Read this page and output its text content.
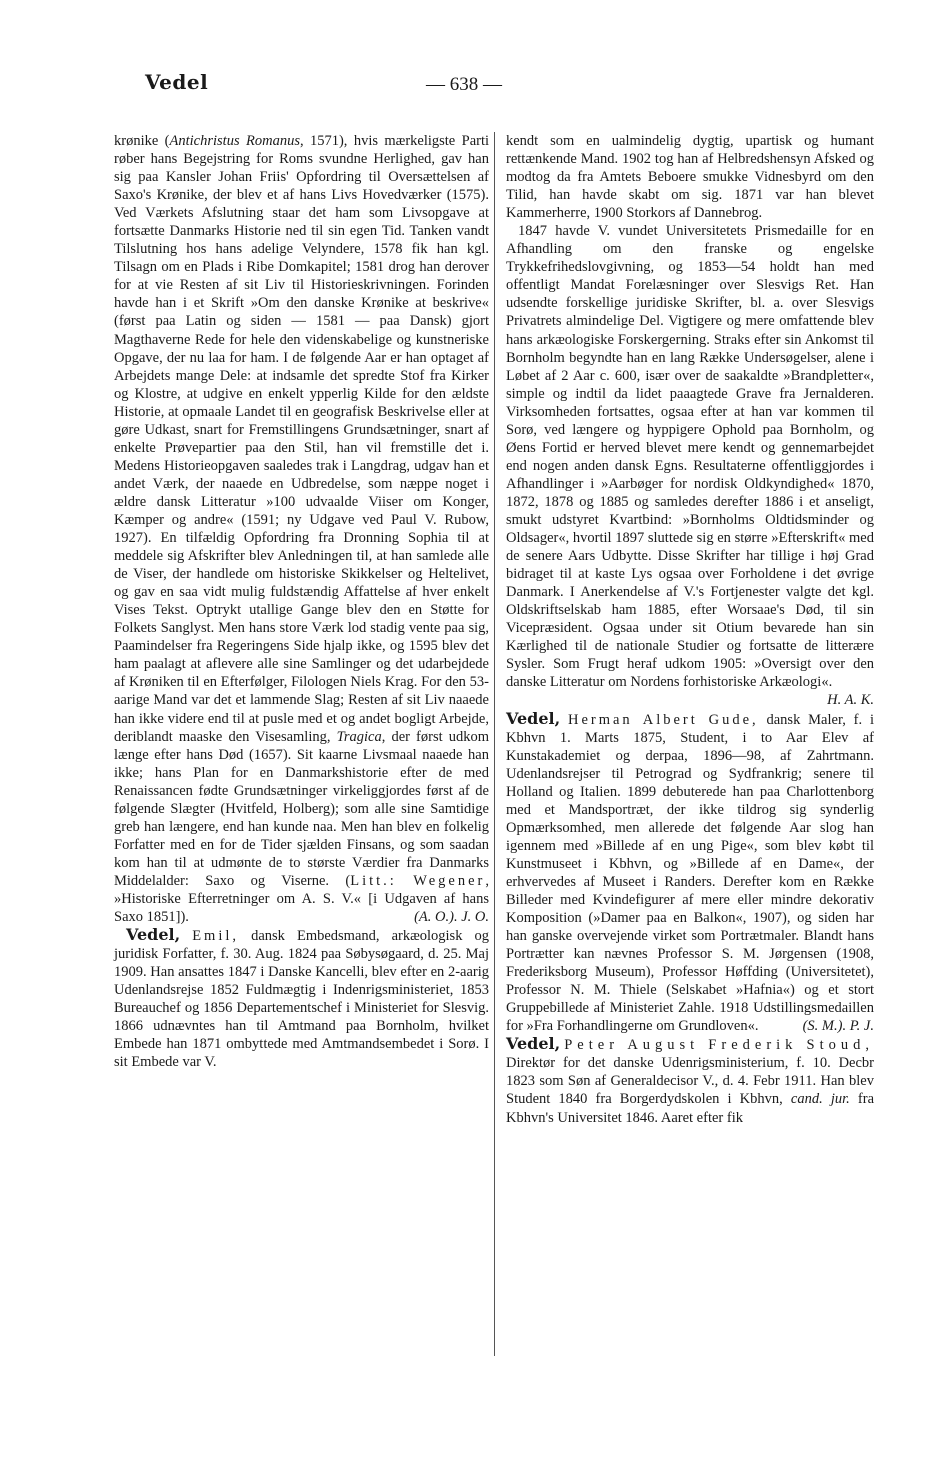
Vedel	— 638 —

krønike (Antichristus Romanus, 1571), hvis mærkeligste Parti røber hans Begejstring for Roms svundne Herlighed, gav han sig paa Kansler Johan Friis' Opfordring til Oversættelsen af Saxo's Krønike, der blev et af hans Livs Hovedværker (1575). Ved Værkets Afslutning staar det ham som Livsopgave at fortsætte Danmarks Historie ned til sin egen Tid. Tanken vandt Tilslutning hos hans adelige Velyndere, 1578 fik han kgl. Tilsagn om en Plads i Ribe Domkapitel; 1581 drog han derover for at vie Resten af sit Liv til Historieskrivningen. Forinden havde han i et Skrift »Om den danske Krønike at beskrive« (først paa Latin og siden — 1581 — paa Dansk) gjort Magthaverne Rede for hele den videnskabelige og kunstneriske Opgave, der nu laa for ham. I de følgende Aar er han optaget af Arbejdets mange Dele: at indsamle det spredte Stof fra Kirker og Klostre, at udgive en enkelt ypperlig Kilde for den ældste Historie, at opmaale Landet til en geografisk Beskrivelse eller at gøre Udkast, snart for Fremstillingens Grundsætninger, snart af enkelte Prøvepartier paa den Stil, han vil fremstille det i. Medens Historieopgaven saaledes trak i Langdrag, udgav han et andet Værk, der naaede en Udbredelse, som næppe noget i ældre dansk Litteratur »100 udvaalde Viiser om Konger, Kæmper og andre« (1591; ny Udgave ved Paul V. Rubow, 1927). En tilfældig Opfordring fra Dronning Sophia til at meddele sig Afskrifter blev Anledningen til, at han samlede alle de Viser, der handlede om historiske Skikkelser og Heltelivet, og gav en saa vidt mulig fuldstændig Affattelse af hver enkelt Vises Tekst. Optrykt utallige Gange blev den en Støtte for Folkets Sanglyst. Men hans store Værk lod stadig vente paa sig, Paamindelser fra Regeringens Side hjalp ikke, og 1595 blev det ham paalagt at aflevere alle sine Samlinger og det udarbejdede af Krøniken til en Efterfølger, Filologen Niels Krag. For den 53-aarige Mand var det et lammende Slag; Resten af sit Liv naaede han ikke videre end til at pusle med et og andet bogligt Arbejde, deriblandt maaske den Visesamling, Tragica, der først udkom længe efter hans Død (1657). Sit kaarne Livsmaal naaede han ikke; hans Plan for en Danmarkshistorie efter de med Renaissancen fødte Grundsætninger virkeliggjordes først af de følgende Slægter (Hvitfeld, Holberg); som alle sine Samtidige greb han længere, end han kunde naa. Men han blev en folkelig Forfatter med en for de Tider sjælden Finsans, og som saadan kom han til at udmønte de to største Værdier fra Danmarks Middelalder: Saxo og Viserne. (Litt.: Wegener, »Historiske Efterretninger om A. S. V.« [i Udgaven af hans Saxo 1851]).	(A. O.). J. O.

Vedel, Emil, dansk Embedsmand, arkæologisk og juridisk Forfatter, f. 30. Aug. 1824 paa Søbysøgaard, d. 25. Maj 1909. Han ansattes 1847 i Danske Kancelli, blev efter en 2-aarig Udenlandsrejse 1852 Fuldmægtig i Indenrigsministeriet, 1853 Bureauchef og 1856 Departementschef i Ministeriet for Slesvig. 1866 udnævntes han til Amtmand paa Bornholm, hvilket Embede han 1871 ombyttede med Amtmandsembedet i Sorø. I sit Embede var V.

kendt som en ualmindelig dygtig, upartisk og humant rettænkende Mand. 1902 tog han af Helbredshensyn Afsked og modtog da fra Amtets Beboere smukke Vidnesbyrd om den Tilid, han havde skabt om sig. 1871 var han blevet Kammerherre, 1900 Storkors af Dannebrog.

1847 havde V. vundet Universitetets Prismedaille for en Afhandling om den franske og engelske Trykkefrihedslovgivning, og 1853—54 holdt han med offentligt Mandat Forelæsninger over Slesvigs Ret. Han udsendte forskellige juridiske Skrifter, bl. a. over Slesvigs Privatrets almindelige Del. Vigtigere og mere omfattende blev hans arkæologiske Forskergerning. Straks efter sin Ankomst til Bornholm begyndte han en lang Række Undersøgelser, alene i Løbet af 2 Aar c. 600, især over de saakaldte »Brandpletter«, simple og indtil da lidet paaagtede Grave fra Jernalderen. Virksomheden fortsattes, ogsaa efter at han var kommen til Sorø, ved længere og hyppigere Ophold paa Bornholm, og Øens Fortid er herved blevet mere kendt og gennemarbejdet end nogen anden dansk Egns. Resultaterne offentliggjordes i Afhandlinger i »Aarbøger for nordisk Oldkyndighed« 1870, 1872, 1878 og 1885 og samledes derefter 1886 i et anseligt, smukt udstyret Kvartbind: »Bornholms Oldtidsminder og Oldsager«, hvortil 1897 sluttede sig en større »Efterskrift« med de senere Aars Udbytte. Disse Skrifter har tillige i høj Grad bidraget til at kaste Lys ogsaa over Forholdene i det øvrige Danmark. I Anerkendelse af V.'s Fortjenester valgte det kgl. Oldskriftselskab ham 1885, efter Worsaae's Død, til sin Vicepræsident. Ogsaa under sit Otium bevarede han sin Kærlighed til de nationale Studier og fortsatte de litterære Sysler. Som Frugt heraf udkom 1905: »Oversigt over den danske Litteratur om Nordens forhistoriske Arkæologi«.
H. A. K.

Vedel, Herman Albert Gude, dansk Maler, f. i Kbhvn 1. Marts 1875, Student, i to Aar Elev af Kunstakademiet og derpaa, 1896—98, af Zahrtmann. Udenlandsrejser til Petrograd og Sydfrankrig; senere til Holland og Italien. 1899 debuterede han paa Charlottenborg med et Mandsportræt, der ikke tildrog sig synderlig Opmærksomhed, men allerede det følgende Aar slog han igennem med »Billede af en ung Pige«, som blev købt til Kunstmuseet i Kbhvn, og »Billede af en Dame«, der erhvervedes af Museet i Randers. Derefter kom en Række Billeder med Kvindefigurer af mere eller mindre dekorativ Komposition (»Damer paa en Balkon«, 1907), og siden har han ganske overvejende virket som Portrætmaler. Blandt hans Portrætter kan nævnes Professor S. M. Jørgensen (1908, Frederiksborg Museum), Professor Høffding (Universitetet), Professor N. M. Thiele (Selskabet »Hafnia«) og et stort Gruppebillede af Ministeriet Zahle. 1918 Udstillingsmedaillen for »Fra Forhandlingerne om Grundloven«.	(S. M.). P. J.

Vedel, Peter August Frederik Stoud, Direktør for det danske Udenrigsministerium, f. 10. Decbr 1823 som Søn af Generaldecisor V., d. 4. Febr 1911. Han blev Student 1840 fra Borgerdydskolen i Kbhvn, cand. jur. fra Kbhvn's Universitet 1846. Aaret efter fik
